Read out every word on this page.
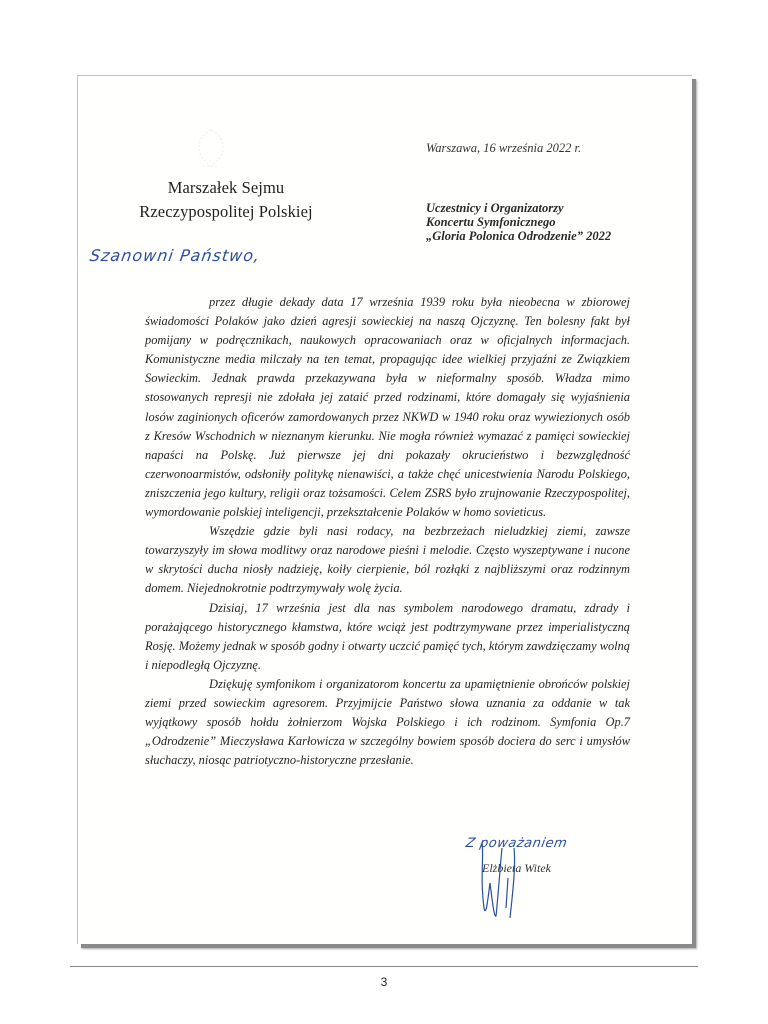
Marszałek Sejmu
Rzeczypospolitej Polskiej
Warszawa, 16 września 2022 r.
Uczestnicy i Organizatorzy
Koncertu Symfonicznego
„Gloria Polonica Odrodzenie” 2022
Szanowni Państwo,

przez długie dekady data 17 września 1939 roku była nieobecna w zbiorowej świadomości Polaków jako dzień agresji sowieckiej na naszą Ojczyznę. Ten bolesny fakt był pomijany w podręcznikach, naukowych opracowaniach oraz w oficjalnych informacjach. Komunistyczne media milczały na ten temat, propagując idee wielkiej przyjaźni ze Związkiem Sowieckim. Jednak prawda przekazywana była w nieformalny sposób. Władza mimo stosowanych represji nie zdołała jej zataić przed rodzinami, które domagały się wyjaśnienia losów zaginionych oficerów zamordowanych przez NKWD w 1940 roku oraz wywiezionych osób z Kresów Wschodnich w nieznanym kierunku. Nie mogła również wymazać z pamięci sowieckiej napaści na Polskę. Już pierwsze jej dni pokazały okrucieństwo i bezwzględność czerwonoarmistów, odsłoniły politykę nienawiści, a także chęć unicestwienia Narodu Polskiego, zniszczenia jego kultury, religii oraz tożsamości. Celem ZSRS było zrujnowanie Rzeczypospolitej, wymordowanie polskiej inteligencji, przekształcenie Polaków w homo sovieticus.

Wszędzie gdzie byli nasi rodacy, na bezbrzeżach nieludzkiej ziemi, zawsze towarzyszyły im słowa modlitwy oraz narodowe pieśni i melodie. Często wyszeptywane i nucone w skrytości ducha niosły nadzieję, koiły cierpienie, ból rozłąki z najbliższymi oraz rodzinnym domem. Niejednokrotnie podtrzymywały wolę życia.

Dzisiaj, 17 września jest dla nas symbolem narodowego dramatu, zdrady i porażającego historycznego kłamstwa, które wciąż jest podtrzymywane przez imperialistyczną Rosję. Możemy jednak w sposób godny i otwarty uczcić pamięć tych, którym zawdzięczamy wolną i niepodległą Ojczyznę.

Dziękuję symfonikom i organizatorom koncertu za upamiętnienie obrońców polskiej ziemi przed sowieckim agresorem. Przyjmijcie Państwo słowa uznania za oddanie w tak wyjątkowy sposób hołdu żołnierzom Wojska Polskiego i ich rodzinom. Symfonia Op.7 „Odrodzenie” Mieczysława Karłowicza w szczególny bowiem sposób dociera do serc i umysłów słuchaczy, niosąc patriotyczno-historyczne przesłanie.

Z poważaniem
Elżbieta Witek
3
